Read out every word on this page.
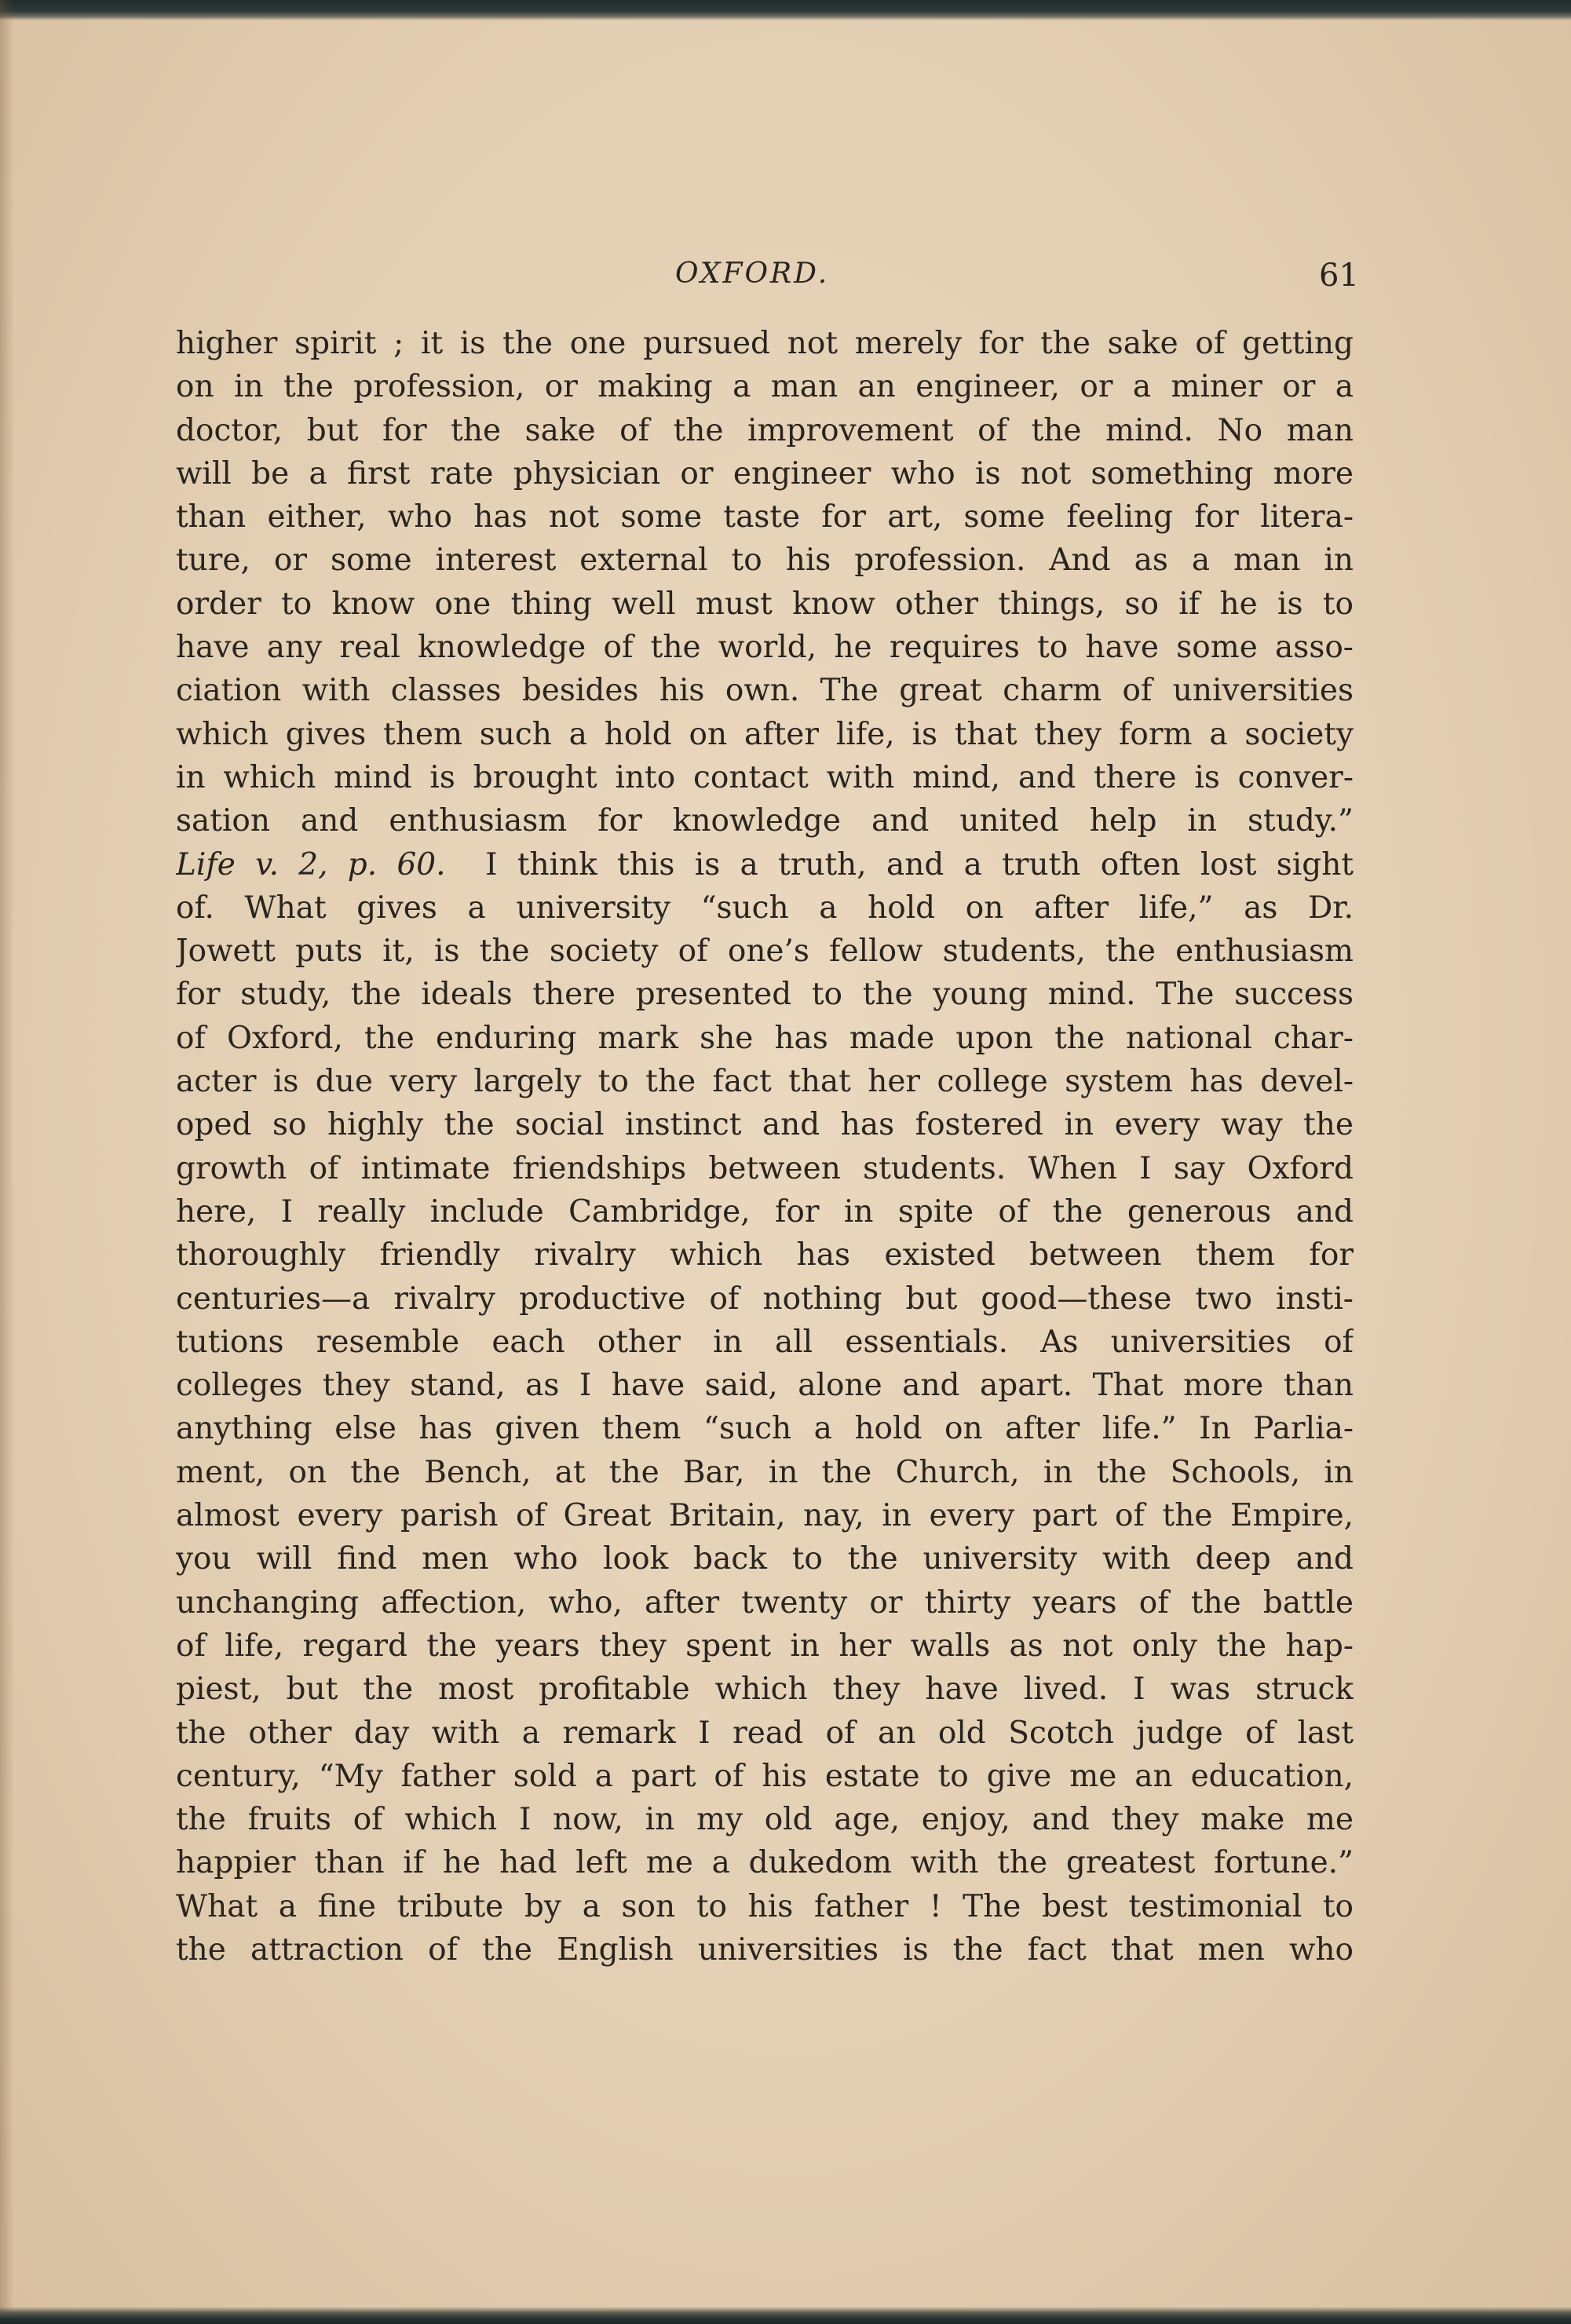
OXFORD.	61
higher spirit ; it is the one pursued not merely for the sake of getting
on in the profession, or making a man an engineer, or a miner or a
doctor, but for the sake of the improvement of the mind. No man
will be a first rate physician or engineer who is not something more
than either, who has not some taste for art, some feeling for litera-
ture, or some interest external to his profession. And as a man in
order to know one thing well must know other things, so if he is to
have any real knowledge of the world, he requires to have some asso-
ciation with classes besides his own. The great charm of universities
which gives them such a hold on after life, is that they form a society
in which mind is brought into contact with mind, and there is conver-
sation and enthusiasm for knowledge and united help in study.”
Life v. 2, p. 60. I think this is a truth, and a truth often lost sight
of. What gives a university “such a hold on after life,” as Dr.
Jowett puts it, is the society of one’s fellow students, the enthusiasm
for study, the ideals there presented to the young mind. The success
of Oxford, the enduring mark she has made upon the national char-
acter is due very largely to the fact that her college system has devel-
oped so highly the social instinct and has fostered in every way the
growth of intimate friendships between students. When I say Oxford
here, I really include Cambridge, for in spite of the generous and
thoroughly friendly rivalry which has existed between them for
centuries—a rivalry productive of nothing but good—these two insti-
tutions resemble each other in all essentials. As universities of
colleges they stand, as I have said, alone and apart. That more than
anything else has given them “such a hold on after life.” In Parlia-
ment, on the Bench, at the Bar, in the Church, in the Schools, in
almost every parish of Great Britain, nay, in every part of the Empire,
you will find men who look back to the university with deep and
unchanging affection, who, after twenty or thirty years of the battle
of life, regard the years they spent in her walls as not only the hap-
piest, but the most profitable which they have lived. I was struck
the other day with a remark I read of an old Scotch judge of last
century, “My father sold a part of his estate to give me an education,
the fruits of which I now, in my old age, enjoy, and they make me
happier than if he had left me a dukedom with the greatest fortune.”
What a fine tribute by a son to his father ! The best testimonial to
the attraction of the English universities is the fact that men who
